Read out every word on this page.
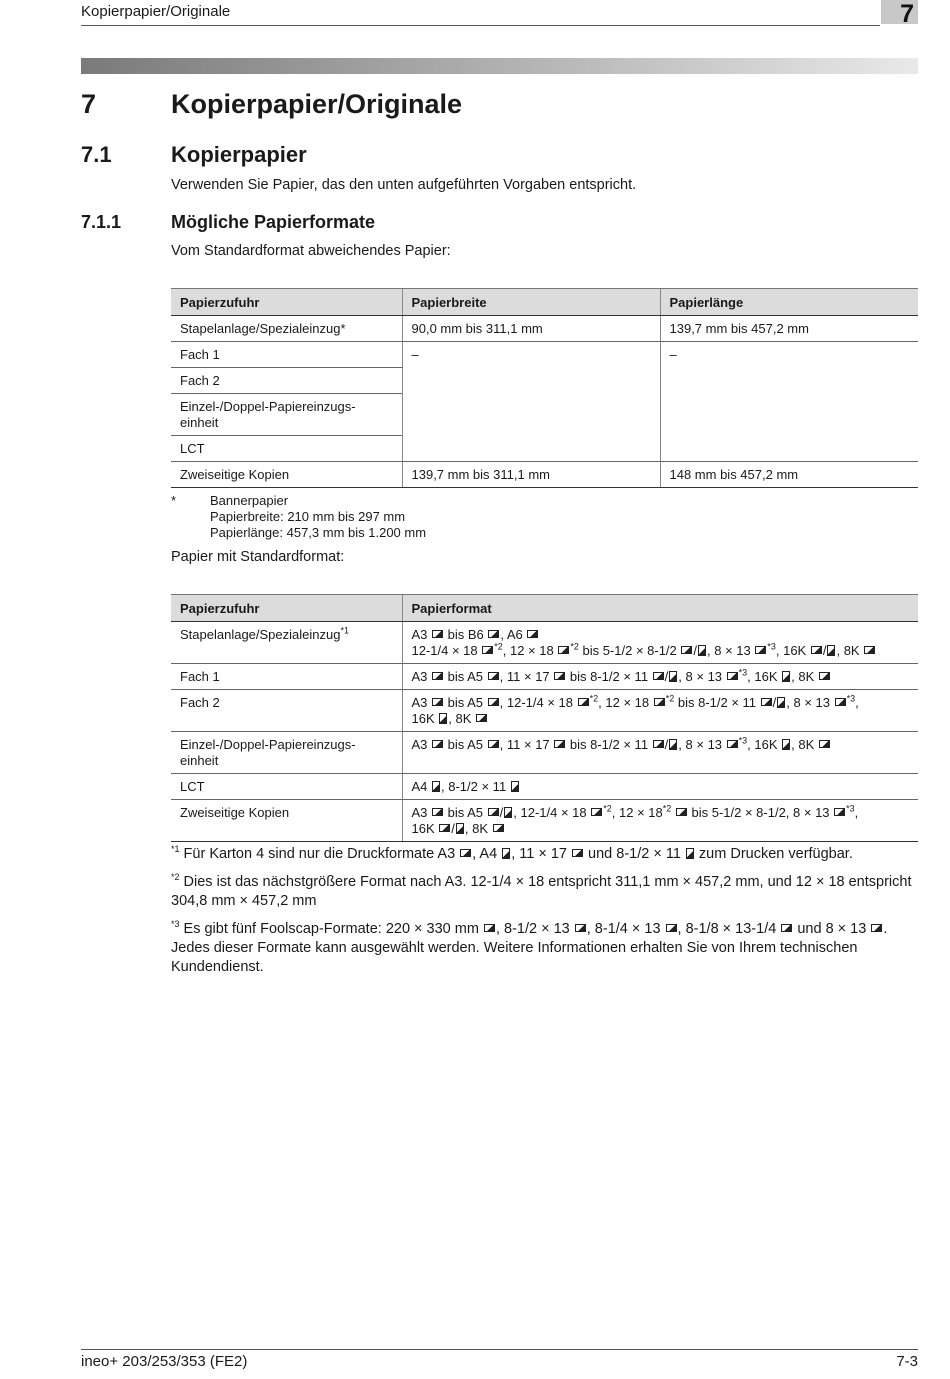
Kopierpapier/Originale	7
7	Kopierpapier/Originale
7.1	Kopierpapier
Verwenden Sie Papier, das den unten aufgeführten Vorgaben entspricht.
7.1.1	Mögliche Papierformate
Vom Standardformat abweichendes Papier:
Papierzufuhr	Papierbreite	Papierlänge
Stapelanlage/Spezialeinzug*	90,0 mm bis 311,1 mm	139,7 mm bis 457,2 mm
Fach 1	–	–
Fach 2		
Einzel-/Doppel-Papiereinzugs-einheit		
LCT		
Zweiseitige Kopien	139,7 mm bis 311,1 mm	148 mm bis 457,2 mm
*	Bannerpapier
Papierbreite: 210 mm bis 297 mm
Papierlänge: 457,3 mm bis 1.200 mm
Papier mit Standardformat:
Papierzufuhr	Papierformat
Stapelanlage/Spezialeinzug$^{*1}$	A3  bis B6 , A6
12-1/4 × 18 $^{*2}$, 12 × 18 $^{*2}$ bis 5-1/2 × 8-1/2 / , 8 × 13 $^{*3}$, 16K / , 8K
Fach 1	A3  bis A5 , 11 × 17  bis 8-1/2 × 11 / , 8 × 13 $^{*3}$, 16K , 8K
Fach 2	A3  bis A5 , 12-1/4 × 18 $^{*2}$, 12 × 18 $^{*2}$ bis 8-1/2 × 11 / , 8 × 13 $^{*3}$,
16K , 8K
Einzel-/Doppel-Papiereinzugs-einheit	A3  bis A5 , 11 × 17  bis 8-1/2 × 11 / , 8 × 13 $^{*3}$, 16K , 8K
LCT	A4 , 8-1/2 × 11
Zweiseitige Kopien	A3  bis A5 / , 12-1/4 × 18 $^{*2}$, $12 \times 18^{*2}$  bis 5-1/2 × 8-1/2, 8 × 13 $^{*3}$,
16K / , 8K
$^{*1}$ Für Karton 4 sind nur die Druckformate A3 , A4 , 11 × 17  und 8-1/2 × 11  zum Drucken verfügbar.
$^{*2}$ Dies ist das nächstgrößere Format nach A3. 12-1/4 × 18 entspricht 311,1 mm × 457,2 mm, und 12 × 18 entspricht 304,8 mm × 457,2 mm
$^{*3}$ Es gibt fünf Foolscap-Formate: 220 × 330 mm , 8-1/2 × 13 , 8-1/4 × 13 , 8-1/8 × 13-1/4  und 8 × 13 . Jedes dieser Formate kann ausgewählt werden. Weitere Informationen erhalten Sie von Ihrem technischen Kundendienst.
ineo+ 203/253/353 (FE2)	7-3
